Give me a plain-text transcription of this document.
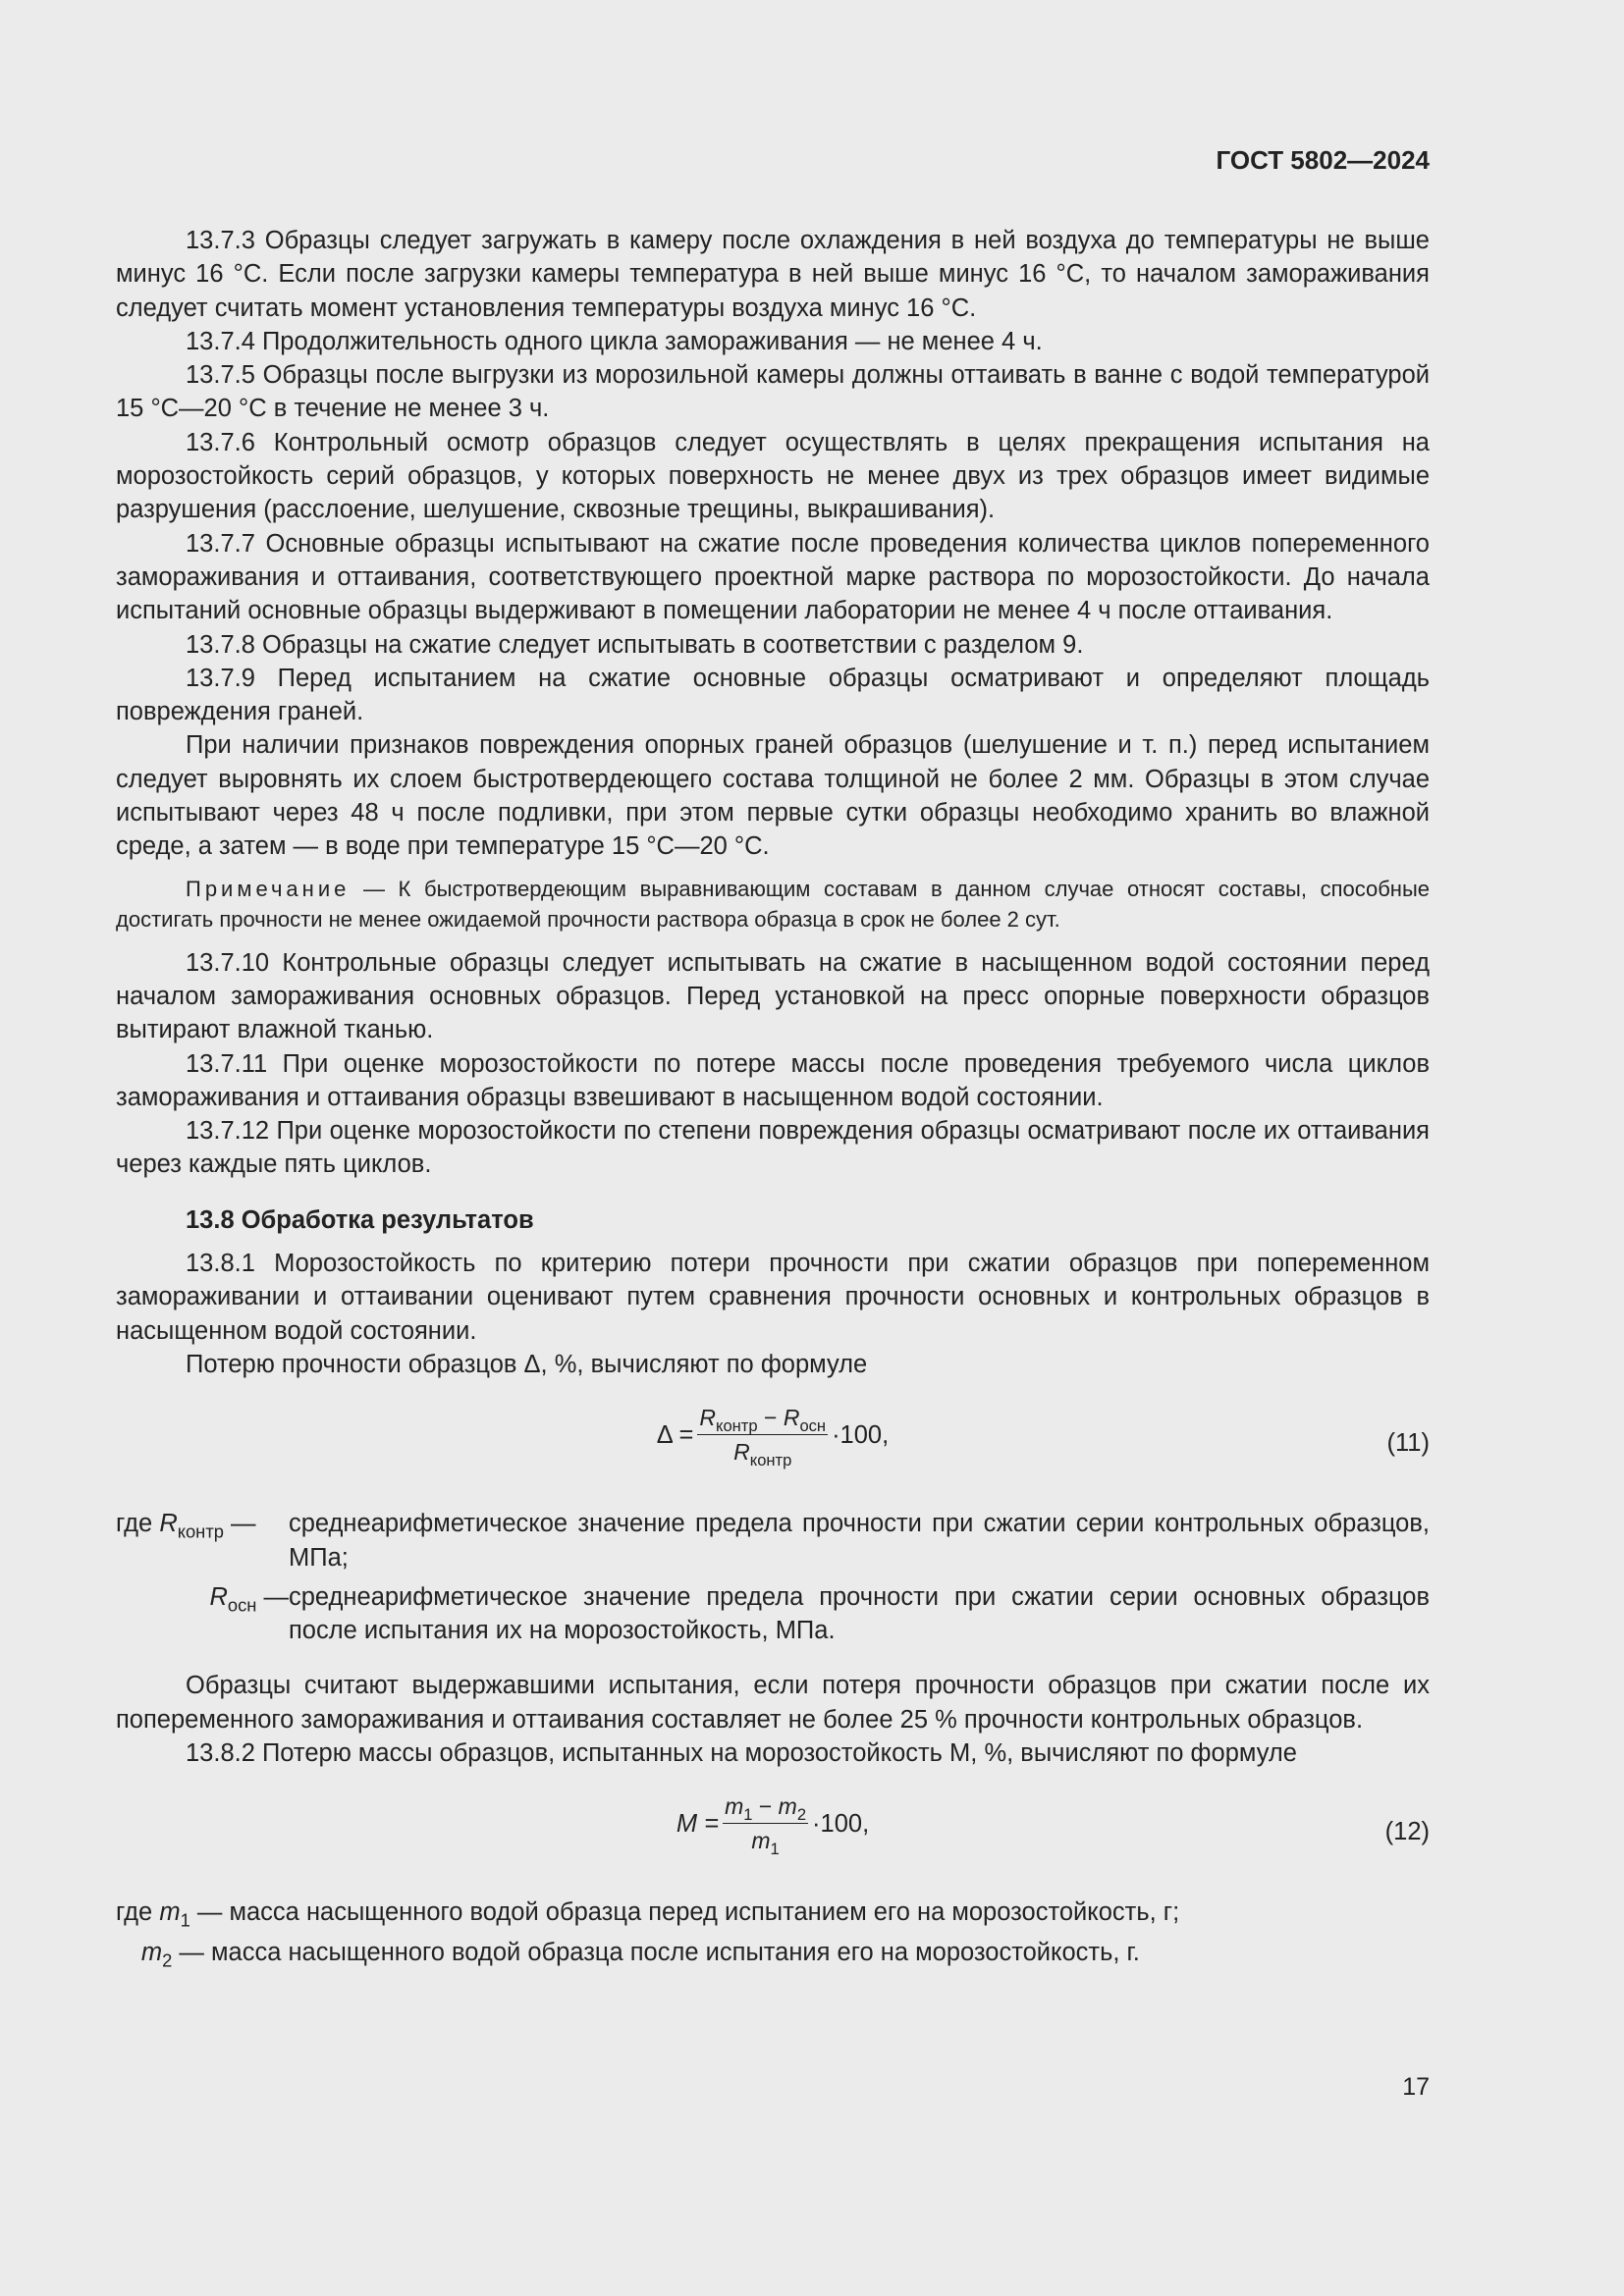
ГОСТ 5802—2024

13.7.3 Образцы следует загружать в камеру после охлаждения в ней воздуха до температуры не выше минус 16 °С. Если после загрузки камеры температура в ней выше минус 16 °С, то началом замораживания следует считать момент установления температуры воздуха минус 16 °С.

13.7.4 Продолжительность одного цикла замораживания — не менее 4 ч.

13.7.5 Образцы после выгрузки из морозильной камеры должны оттаивать в ванне с водой температурой 15 °С—20 °С в течение не менее 3 ч.

13.7.6 Контрольный осмотр образцов следует осуществлять в целях прекращения испытания на морозостойкость серий образцов, у которых поверхность не менее двух из трех образцов имеет видимые разрушения (расслоение, шелушение, сквозные трещины, выкрашивания).

13.7.7 Основные образцы испытывают на сжатие после проведения количества циклов попеременного замораживания и оттаивания, соответствующего проектной марке раствора по морозостойкости. До начала испытаний основные образцы выдерживают в помещении лаборатории не менее 4 ч после оттаивания.

13.7.8 Образцы на сжатие следует испытывать в соответствии с разделом 9.

13.7.9 Перед испытанием на сжатие основные образцы осматривают и определяют площадь повреждения граней.

При наличии признаков повреждения опорных граней образцов (шелушение и т. п.) перед испытанием следует выровнять их слоем быстротвердеющего состава толщиной не более 2 мм. Образцы в этом случае испытывают через 48 ч после подливки, при этом первые сутки образцы необходимо хранить во влажной среде, а затем — в воде при температуре 15 °С—20 °С.

Примечание — К быстротвердеющим выравнивающим составам в данном случае относят составы, способные достигать прочности не менее ожидаемой прочности раствора образца в срок не более 2 сут.

13.7.10 Контрольные образцы следует испытывать на сжатие в насыщенном водой состоянии перед началом замораживания основных образцов. Перед установкой на пресс опорные поверхности образцов вытирают влажной тканью.

13.7.11 При оценке морозостойкости по потере массы после проведения требуемого числа циклов замораживания и оттаивания образцы взвешивают в насыщенном водой состоянии.

13.7.12 При оценке морозостойкости по степени повреждения образцы осматривают после их оттаивания через каждые пять циклов.

13.8 Обработка результатов

13.8.1 Морозостойкость по критерию потери прочности при сжатии образцов при попеременном замораживании и оттаивании оценивают путем сравнения прочности основных и контрольных образцов в насыщенном водой состоянии.

Потерю прочности образцов Δ, %, вычисляют по формуле

$\Delta = \frac{R_{контр} - R_{осн}}{R_{контр}} \cdot 100$,	(11)
где $R_{контр}$ —	среднеарифметическое значение предела прочности при сжатии серии контрольных образцов, МПа;
$R_{осн}$ — среднеарифметическое значение предела прочности при сжатии серии основных образцов после испытания их на морозостойкость, МПа.

Образцы считают выдержавшими испытания, если потеря прочности образцов при сжатии после их попеременного замораживания и оттаивания составляет не более 25 % прочности контрольных образцов.

13.8.2 Потерю массы образцов, испытанных на морозостойкость M, %, вычисляют по формуле

$M = \frac{m_1 - m_2}{m_1} \cdot 100$,	(12)
где $m_1$ — масса насыщенного водой образца перед испытанием его на морозостойкость, г;
$m_2$ — масса насыщенного водой образца после испытания его на морозостойкость, г.
17
